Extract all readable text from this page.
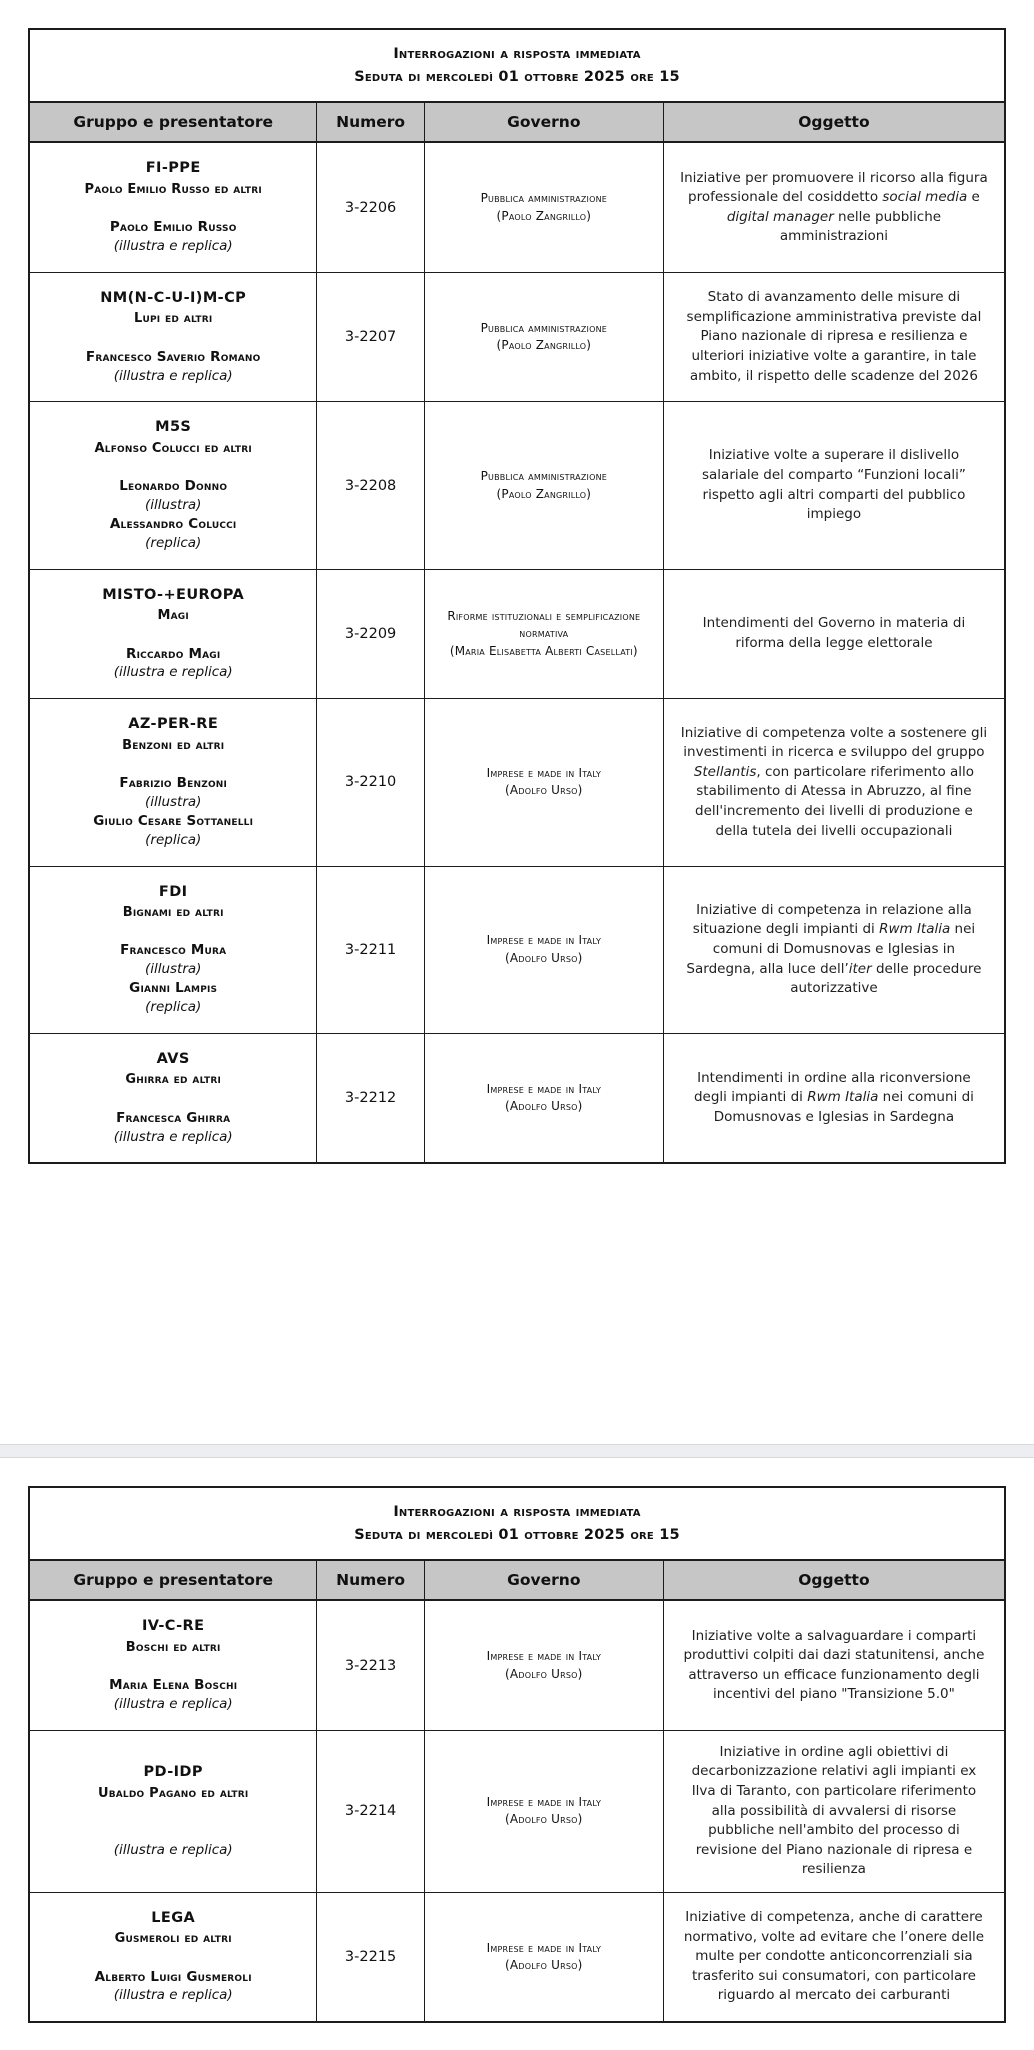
Interrogazioni a risposta immediata
Seduta di mercoledì 01 ottobre 2025 ore 15			

Gruppo e presentatore	Numero	Governo	Oggetto

FI-PPE
Paolo Emilio Russo ed altri
Paolo Emilio Russo
(illustra e replica)
	3-2206	
Pubblica amministrazione
(Paolo Zangrillo)
	Iniziative per promuovere il ricorso alla figura professionale del cosiddetto social media e digital manager nelle pubbliche amministrazioni

NM(N-C-U-I)M-CP
Lupi ed altri
Francesco Saverio Romano
(illustra e replica)
	3-2207	
Pubblica amministrazione
(Paolo Zangrillo)
	Stato di avanzamento delle misure di semplificazione amministrativa previste dal Piano nazionale di ripresa e resilienza e ulteriori iniziative volte a garantire, in tale ambito, il rispetto delle scadenze del 2026

M5S
Alfonso Colucci ed altri
Leonardo Donno
(illustra)
Alessandro Colucci
(replica)
	3-2208	
Pubblica amministrazione
(Paolo Zangrillo)
	Iniziative volte a superare il dislivello salariale del comparto “Funzioni locali” rispetto agli altri comparti del pubblico impiego

MISTO-+EUROPA
Magi
Riccardo Magi
(illustra e replica)
	3-2209	
Riforme istituzionali e semplificazione normativa
(Maria Elisabetta Alberti Casellati)
	Intendimenti del Governo in materia di riforma della legge elettorale

AZ-PER-RE
Benzoni ed altri
Fabrizio Benzoni
(illustra)
Giulio Cesare Sottanelli
(replica)
	3-2210	
Imprese e made in Italy
(Adolfo Urso)
	Iniziative di competenza volte a sostenere gli investimenti in ricerca e sviluppo del gruppo Stellantis, con particolare riferimento allo stabilimento di Atessa in Abruzzo, al fine dell'incremento dei livelli di produzione e della tutela dei livelli occupazionali

FDI
Bignami ed altri
Francesco Mura
(illustra)
Gianni Lampis
(replica)
	3-2211	
Imprese e made in Italy
(Adolfo Urso)
	Iniziative di competenza in relazione alla situazione degli impianti di Rwm Italia nei comuni di Domusnovas e Iglesias in Sardegna, alla luce dell’iter delle procedure autorizzative

AVS
Ghirra ed altri
Francesca Ghirra
(illustra e replica)
	3-2212	
Imprese e made in Italy
(Adolfo Urso)
	Intendimenti in ordine alla riconversione degli impianti di Rwm Italia nei comuni di Domusnovas e Iglesias in Sardegna
Interrogazioni a risposta immediata
Seduta di mercoledì 01 ottobre 2025 ore 15			

Gruppo e presentatore	Numero	Governo	Oggetto

IV-C-RE
Boschi ed altri
Maria Elena Boschi
(illustra e replica)
	3-2213	
Imprese e made in Italy
(Adolfo Urso)
	Iniziative volte a salvaguardare i comparti produttivi colpiti dai dazi statunitensi, anche attraverso un efficace funzionamento degli incentivi del piano "Transizione 5.0"

PD-IDP
Ubaldo Pagano ed altri

(illustra e replica)
	3-2214	
Imprese e made in Italy
(Adolfo Urso)
	Iniziative in ordine agli obiettivi di decarbonizzazione relativi agli impianti ex Ilva di Taranto, con particolare riferimento alla possibilità di avvalersi di risorse pubbliche nell'ambito del processo di revisione del Piano nazionale di ripresa e resilienza

LEGA
Gusmeroli ed altri
Alberto Luigi Gusmeroli
(illustra e replica)
	3-2215	
Imprese e made in Italy
(Adolfo Urso)
	Iniziative di competenza, anche di carattere normativo, volte ad evitare che l’onere delle multe per condotte anticoncorrenziali sia trasferito sui consumatori, con particolare riguardo al mercato dei carburanti
